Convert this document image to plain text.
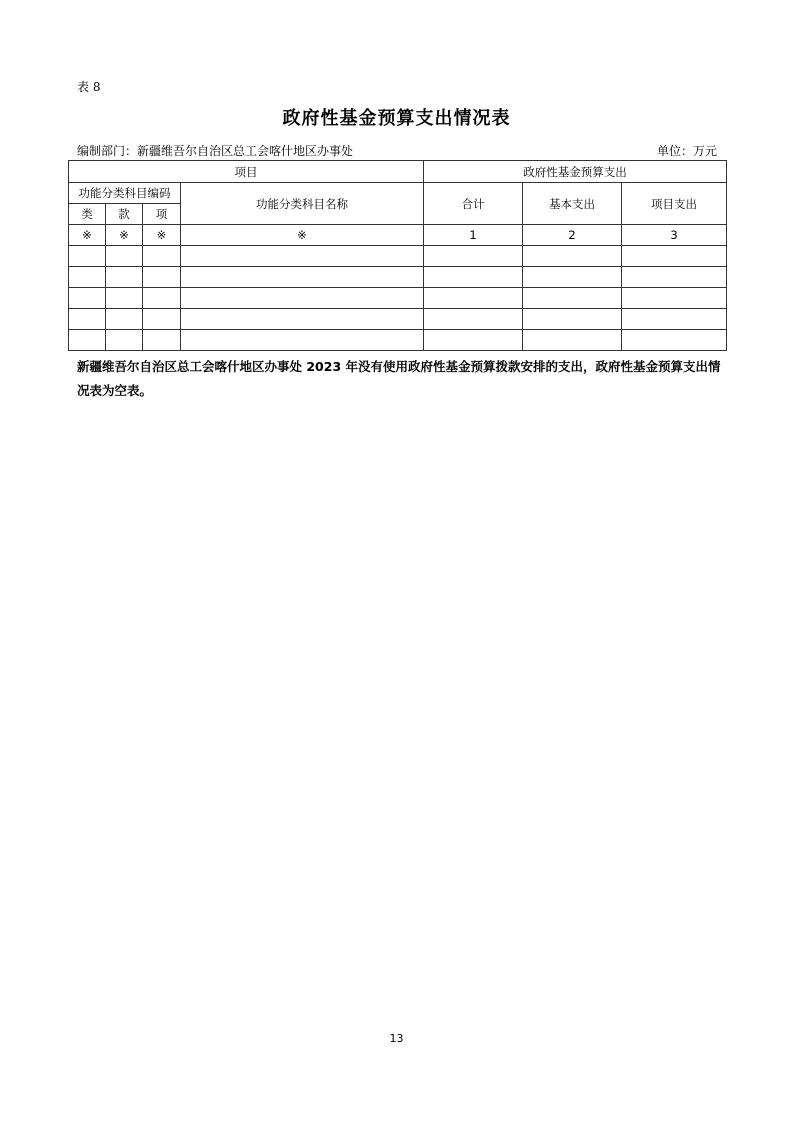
表 8
政府性基金预算支出情况表
编制部门：新疆维吾尔自治区总工会喀什地区办事处	单位：万元
项目				政府性基金预算支出		
功能分类科目编码			功能分类科目名称	合计	基本支出	项目支出
类	款	项				
※	※	※	※	1	2	3

新疆维吾尔自治区总工会喀什地区办事处 2023 年没有使用政府性基金预算拨款安排的支出，政府性基金预算支出情况表为空表。
13
